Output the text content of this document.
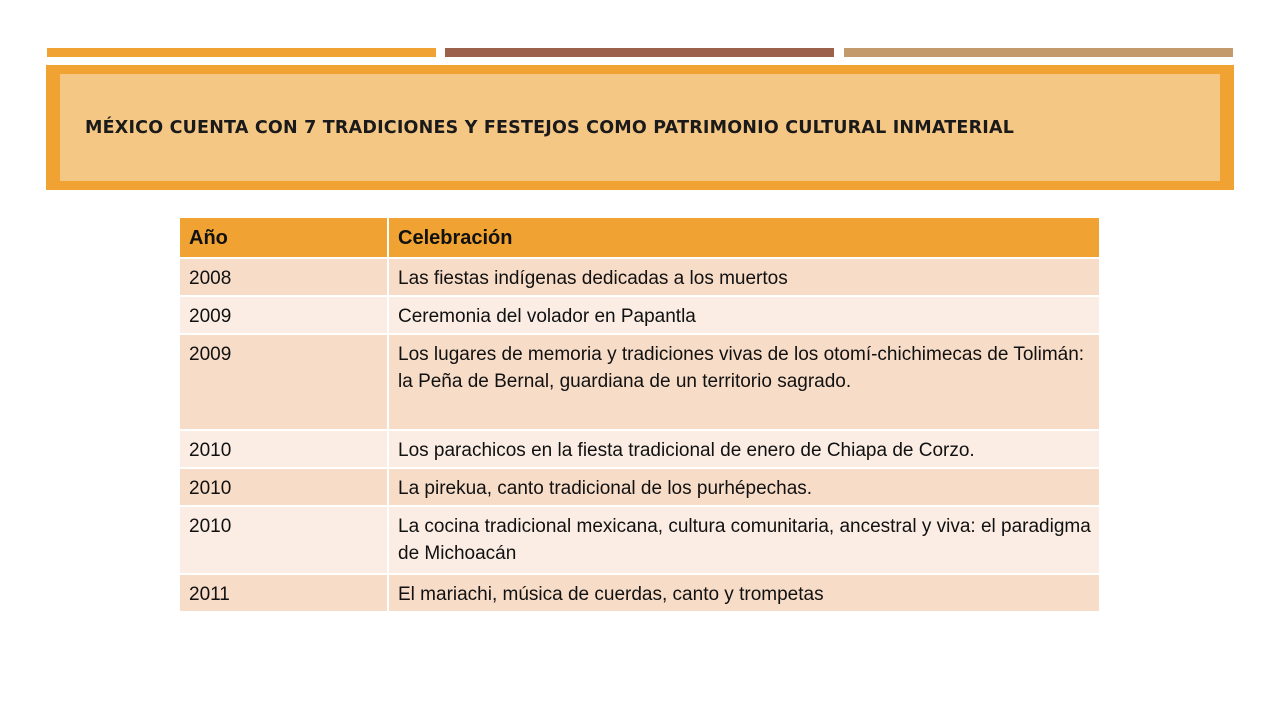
MÉXICO CUENTA CON 7 TRADICIONES Y FESTEJOS COMO PATRIMONIO CULTURAL INMATERIAL
Año	Celebración
2008	Las fiestas indígenas dedicadas a los muertos
2009	Ceremonia del volador en Papantla
2009	Los lugares de memoria y tradiciones vivas de los otomí-chichimecas de Tolimán: la Peña de Bernal, guardiana de un territorio sagrado.
2010	Los parachicos en la fiesta tradicional de enero de Chiapa de Corzo.
2010	La pirekua, canto tradicional de los purhépechas.
2010	La cocina tradicional mexicana, cultura comunitaria, ancestral y viva: el paradigma de Michoacán
2011	El mariachi, música de cuerdas, canto y trompetas
